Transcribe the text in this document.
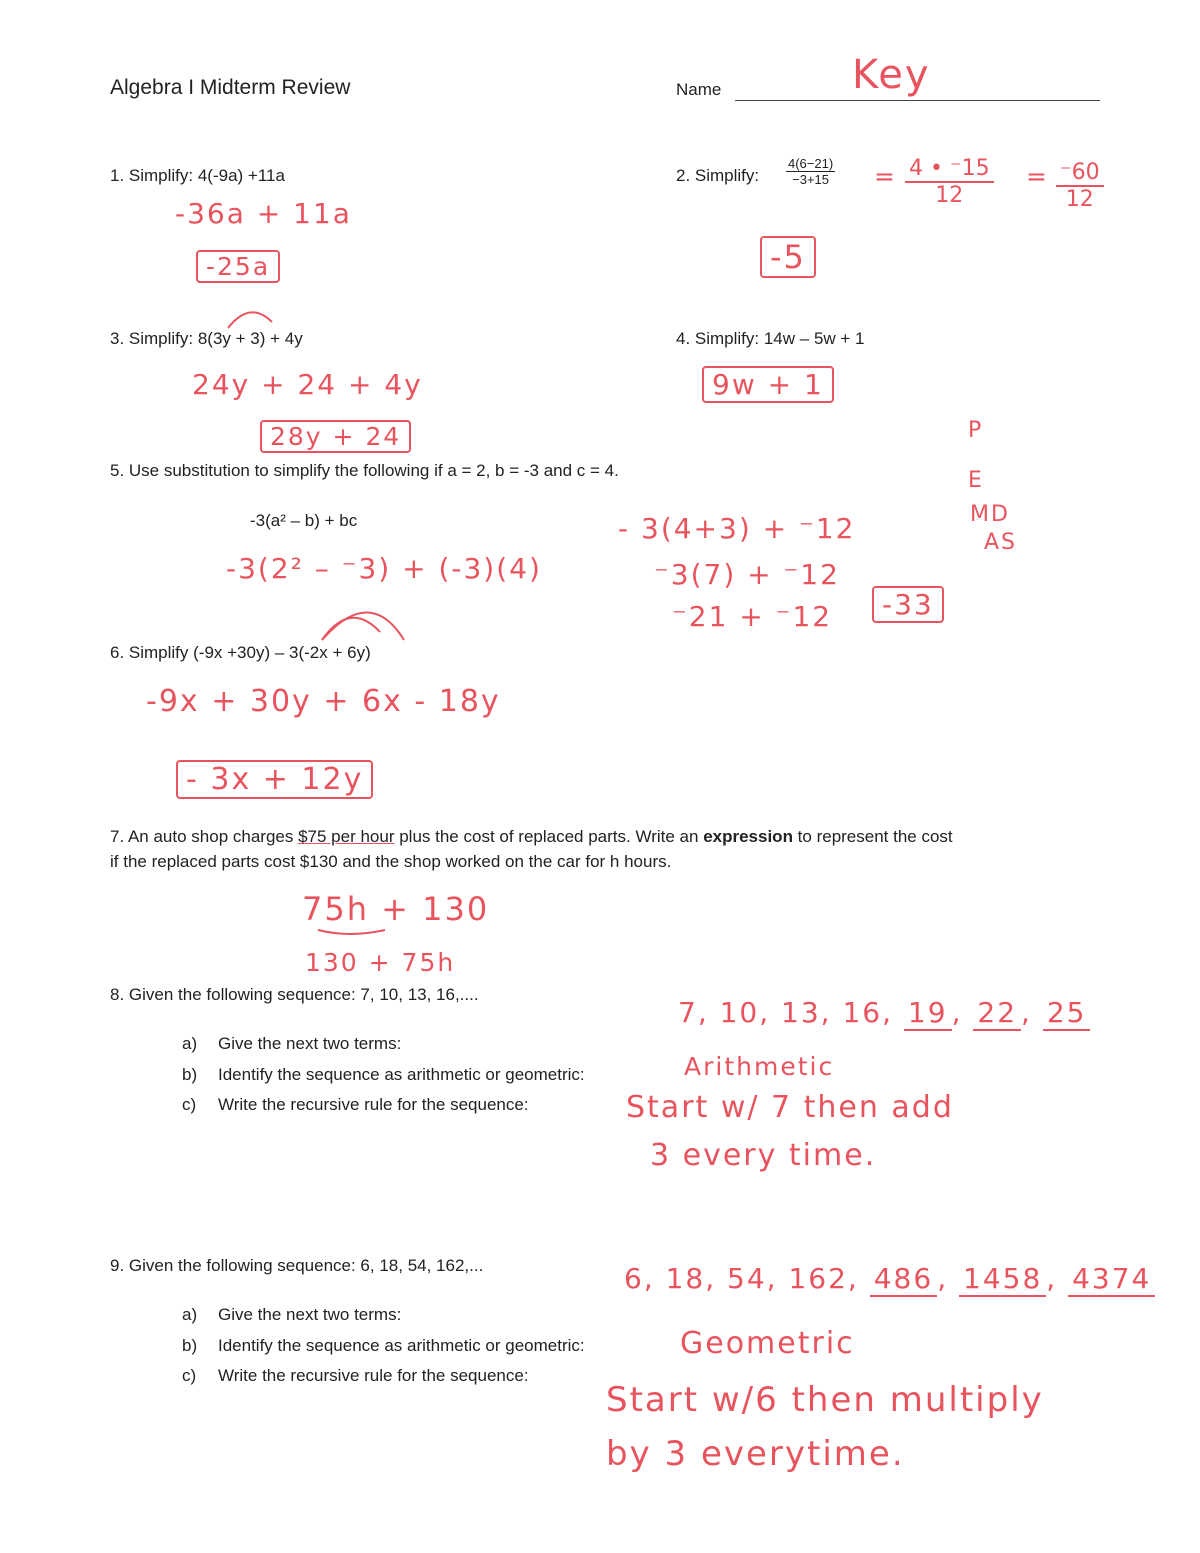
Algebra I Midterm Review	Name	Key
1. Simplify: 4(-9a) +11a
-36a + 11a
-25a
2. Simplify: $\frac{4(6-21)}{-3+15} = \frac{4 • ^-15}{12} = \frac{^-60}{12}$
-5
3. Simplify: 8(3y + 3) + 4y
24y + 24 + 4y
28y + 24
4. Simplify: 14w – 5w + 1
9w + 1
P
E
MD
AS
5. Use substitution to simplify the following if a = 2, b = -3 and c = 4.
-3(a² – b) + bc
-3(2² – ⁻3) + (-3)(4)
- 3(4+3) + ⁻12
⁻3(7) + ⁻12
⁻21 + ⁻12	-33
6. Simplify (-9x +30y) – 3(-2x + 6y)
-9x + 30y + 6x - 18y
- 3x + 12y
7. An auto shop charges $75 per hour plus the cost of replaced parts. Write an expression to represent the cost
if the replaced parts cost $130 and the shop worked on the car for h hours.
75h + 130
130 + 75h
8. Given the following sequence: 7, 10, 13, 16,....
a) Give the next two terms:
b) Identify the sequence as arithmetic or geometric:
c) Write the recursive rule for the sequence:
7, 10, 13, 16, 19 , 22 , 25
Arithmetic
Start w/ 7 then add
3 every time.
9. Given the following sequence: 6, 18, 54, 162,...
a) Give the next two terms:
b) Identify the sequence as arithmetic or geometric:
c) Write the recursive rule for the sequence:
6, 18, 54, 162, 486 , 1458 , 4374
Geometric
Start w/6 then multiply
by 3 everytime.
